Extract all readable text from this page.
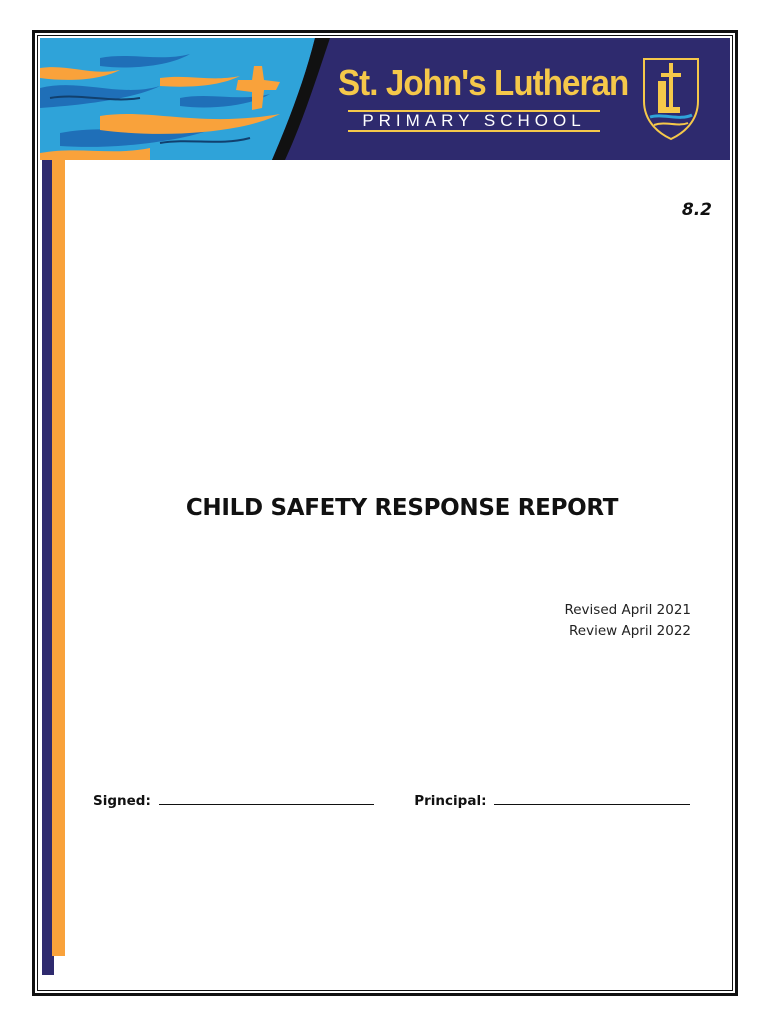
St. John's Lutheran
PRIMARY SCHOOL
8.2
CHILD SAFETY RESPONSE REPORT
Revised April 2021
Review April 2022
Signed:	Principal:
